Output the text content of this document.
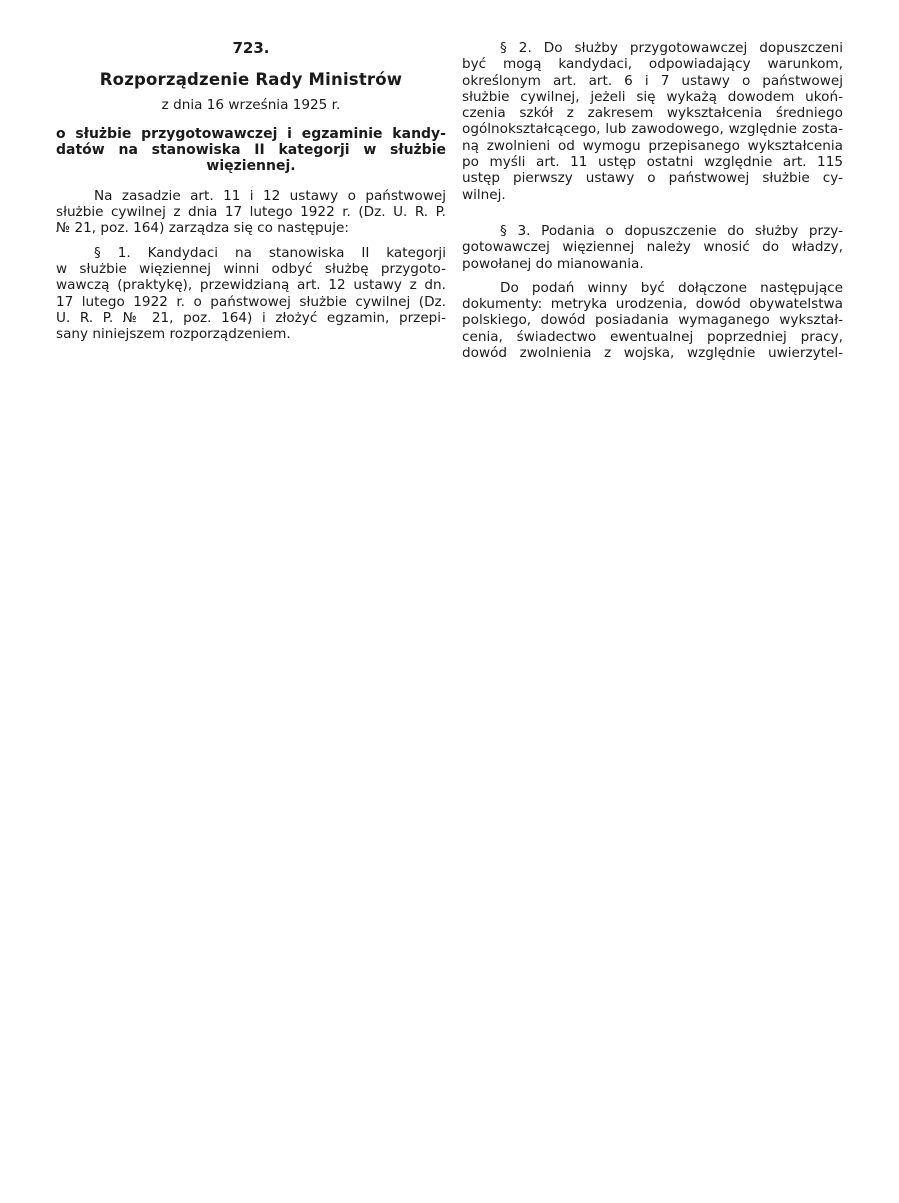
723.
Rozporządzenie Rady Ministrów
z dnia 16 września 1925 r.
o służbie przygotowawczej i egzaminie kandy-
datów na stanowiska II kategorji w służbie
więziennej.
Na zasadzie art. 11 i 12 ustawy o państwowej
służbie cywilnej z dnia 17 lutego 1922 r. (Dz. U. R. P.
№ 21, poz. 164) zarządza się co następuje:
§ 1. Kandydaci na stanowiska II kategorji
w służbie więziennej winni odbyć służbę przygoto-
wawczą (praktykę), przewidzianą art. 12 ustawy z dn.
17 lutego 1922 r. o państwowej służbie cywilnej (Dz.
U. R. P. № 21, poz. 164) i złożyć egzamin, przepi-
sany niniejszem rozporządzeniem.
§ 2. Do służby przygotowawczej dopuszczeni
być mogą kandydaci, odpowiadający warunkom,
określonym art. art. 6 i 7 ustawy o państwowej
służbie cywilnej, jeżeli się wykażą dowodem ukoń-
czenia szkół z zakresem wykształcenia średniego
ogólnokształcącego, lub zawodowego, względnie zosta-
ną zwolnieni od wymogu przepisanego wykształcenia
po myśli art. 11 ustęp ostatni względnie art. 115
ustęp pierwszy ustawy o państwowej służbie cy-
wilnej.
§ 3. Podania o dopuszczenie do służby przy-
gotowawczej więziennej należy wnosić do władzy,
powołanej do mianowania.
Do podań winny być dołączone następujące
dokumenty: metryka urodzenia, dowód obywatelstwa
polskiego, dowód posiadania wymaganego wykształ-
cenia, świadectwo ewentualnej poprzedniej pracy,
dowód zwolnienia z wojska, względnie uwierzytel-
